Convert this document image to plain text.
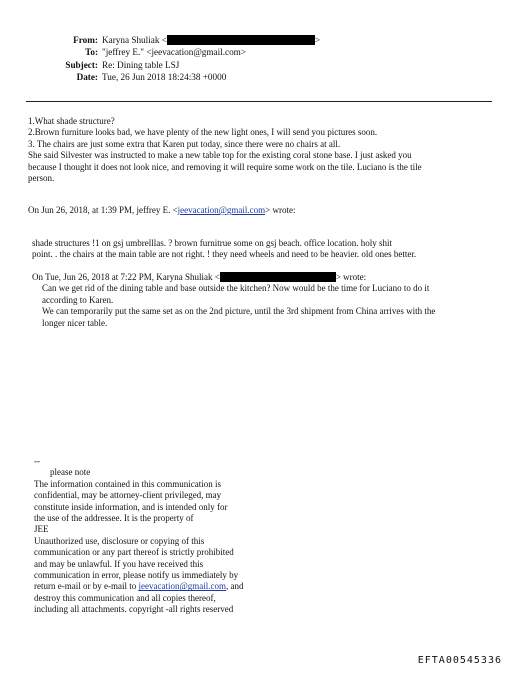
From: Karyna Shuliak <	>
To: "jeffrey E." <jeevacation@gmail.com>
Subject: Re: Dining table LSJ
Date: Tue, 26 Jun 2018 18:24:38 +0000
1.What shade structure?
2.Brown furniture looks bad, we have plenty of the new light ones, I will send you pictures soon.
3. The chairs are just some extra that Karen put today, since there were no chairs at all.
She said Silvester was instructed to make a new table top for the existing coral stone base. I just asked you
because I thought it does not look nice, and removing it will require some work on the tile. Luciano is the tile
person.
On Jun 26, 2018, at 1:39 PM, jeffrey E. <jeevacation@gmail.com> wrote:
shade structures !1 on gsj umbrelllas. ? brown furnitrue some on gsj beach. office location. holy shit
point. . the chairs at the main table are not right. ! they need wheels and need to be heavier. old ones better.
On Tue, Jun 26, 2018 at 7:22 PM, Karyna Shuliak <	> wrote:
Can we get rid of the dining table and base outside the kitchen? Now would be the time for Luciano to do it
according to Karen.
We can temporarily put the same set as on the 2nd picture, until the 3rd shipment from China arrives with the
longer nicer table.
--
please note
The information contained in this communication is
confidential, may be attorney-client privileged, may
constitute inside information, and is intended only for
the use of the addressee. It is the property of
JEE
Unauthorized use, disclosure or copying of this
communication or any part thereof is strictly prohibited
and may be unlawful. If you have received this
communication in error, please notify us immediately by
return e-mail or by e-mail to jeevacation@gmail.com, and
destroy this communication and all copies thereof,
including all attachments. copyright -all rights reserved
EFTA00545336
